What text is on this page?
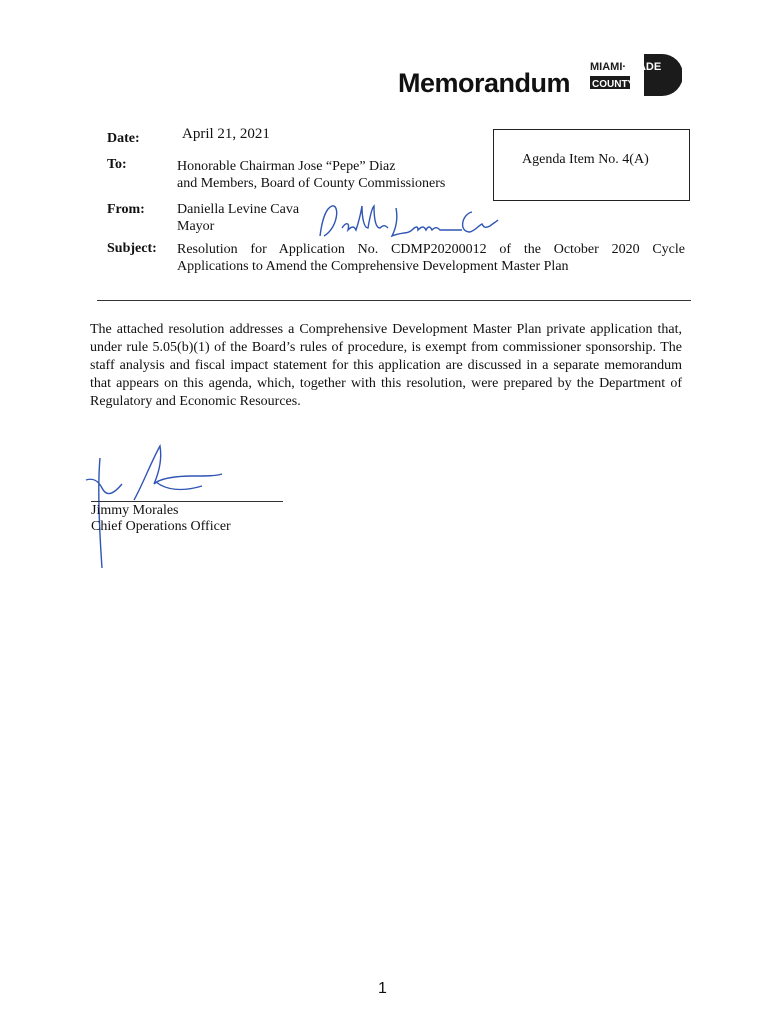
Memorandum
MIAMI· DADE
COUNTY
Date:	April 21, 2021
To:	Honorable Chairman Jose “Pepe” Diaz
and Members, Board of County Commissioners
From: Daniella Levine Cava
Mayor
Subject: Resolution for Application No. CDMP20200012 of the October 2020 Cycle
Applications to Amend the Comprehensive Development Master Plan
Agenda Item No. 4(A)
The attached resolution addresses a Comprehensive Development Master Plan private application that, under rule 5.05(b)(1) of the Board’s rules of procedure, is exempt from commissioner sponsorship. The staff analysis and fiscal impact statement for this application are discussed in a separate memorandum that appears on this agenda, which, together with this resolution, were prepared by the Department of Regulatory and Economic Resources.
Jimmy Morales
Chief Operations Officer
1
